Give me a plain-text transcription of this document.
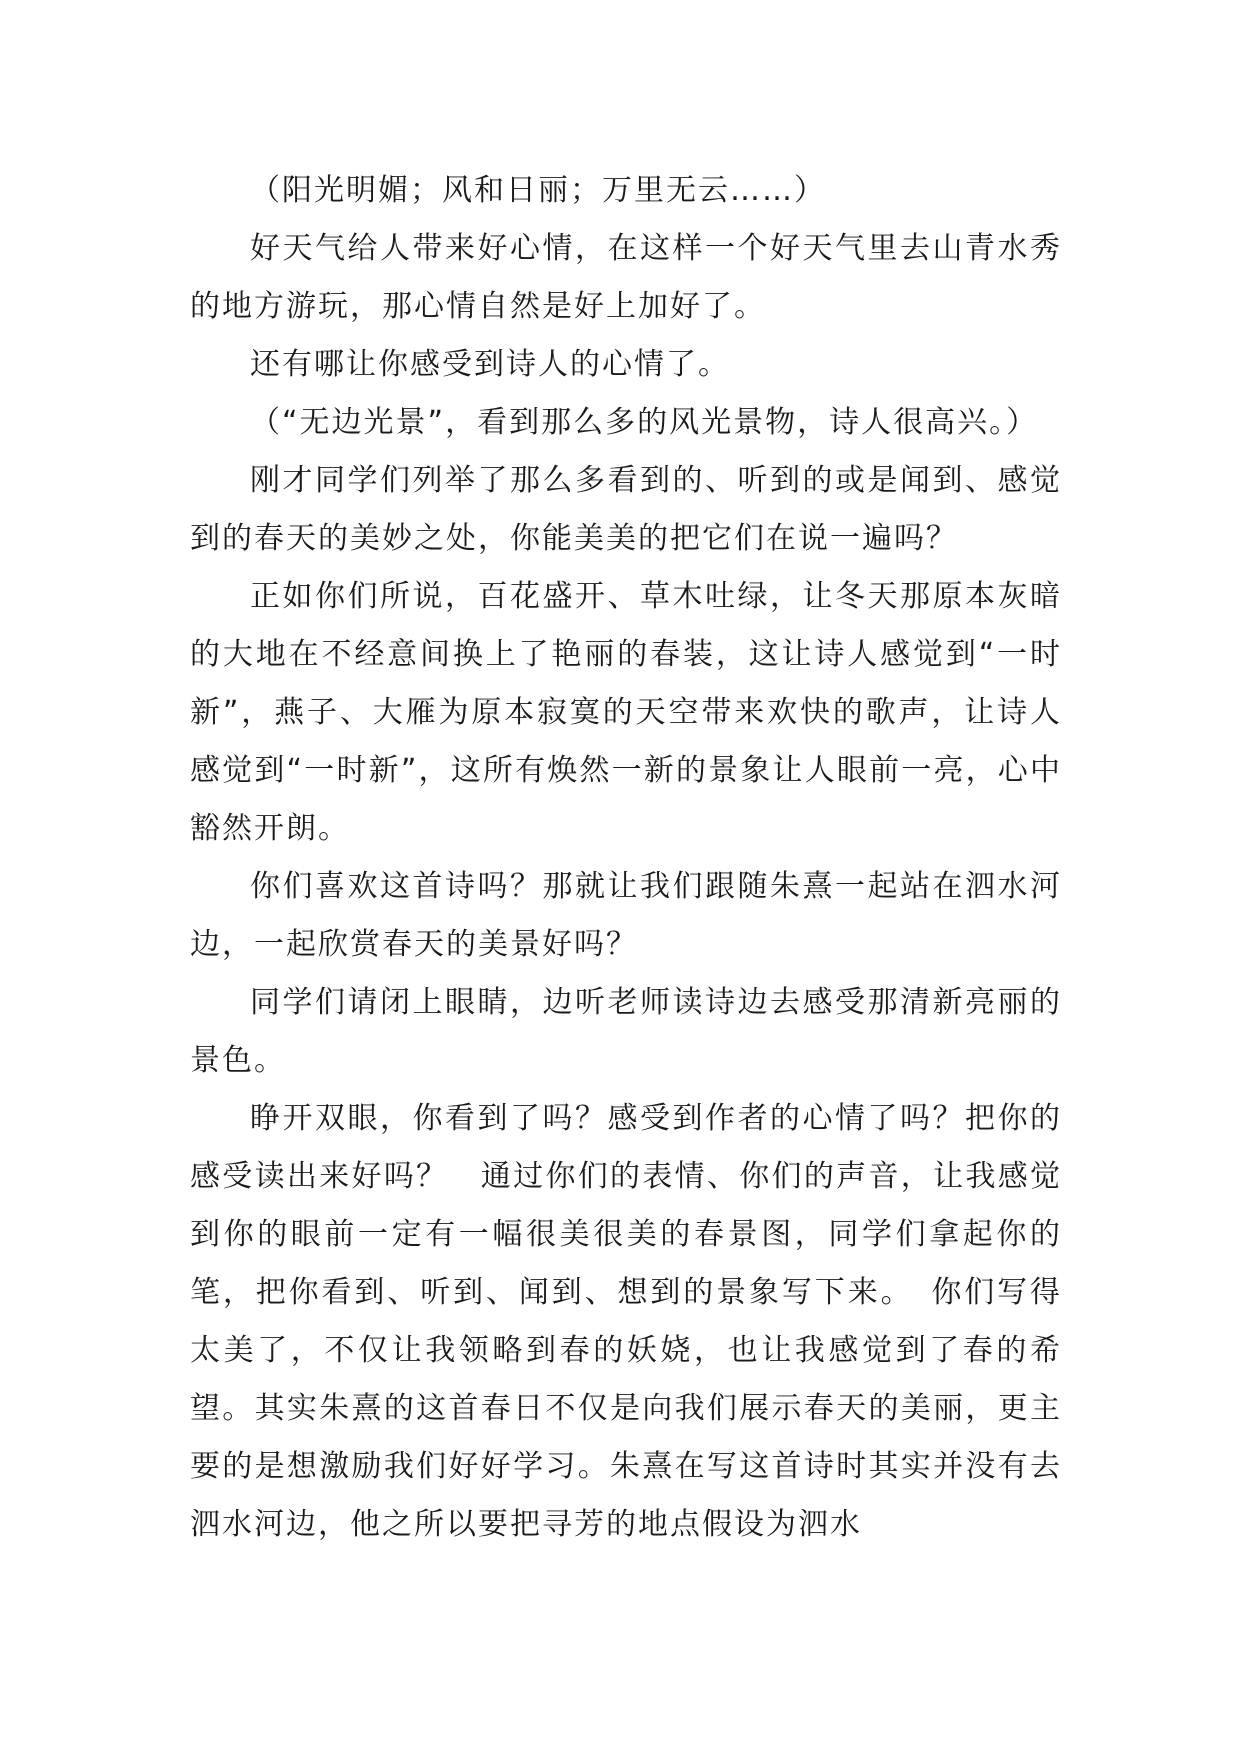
（阳光明媚；风和日丽；万里无云……）

好天气给人带来好心情，在这样一个好天气里去山青水秀的地方游玩，那心情自然是好上加好了。

还有哪让你感受到诗人的心情了。

（“无边光景”，看到那么多的风光景物，诗人很高兴。）

刚才同学们列举了那么多看到的、听到的或是闻到、感觉到的春天的美妙之处，你能美美的把它们在说一遍吗？

正如你们所说，百花盛开、草木吐绿，让冬天那原本灰暗的大地在不经意间换上了艳丽的春装，这让诗人感觉到“一时新”，燕子、大雁为原本寂寞的天空带来欢快的歌声，让诗人感觉到“一时新”，这所有焕然一新的景象让人眼前一亮，心中豁然开朗。

你们喜欢这首诗吗？那就让我们跟随朱熹一起站在泗水河边，一起欣赏春天的美景好吗？

同学们请闭上眼睛，边听老师读诗边去感受那清新亮丽的景色。

睁开双眼，你看到了吗？感受到作者的心情了吗？把你的感受读出来好吗？　通过你们的表情、你们的声音，让我感觉到你的眼前一定有一幅很美很美的春景图，同学们拿起你的笔，把你看到、听到、闻到、想到的景象写下来。　你们写得太美了，不仅让我领略到春的妖娆，也让我感觉到了春的希望。其实朱熹的这首春日不仅是向我们展示春天的美丽，更主要的是想激励我们好好学习。朱熹在写这首诗时其实并没有去泗水河边，他之所以要把寻芳的地点假设为泗水
